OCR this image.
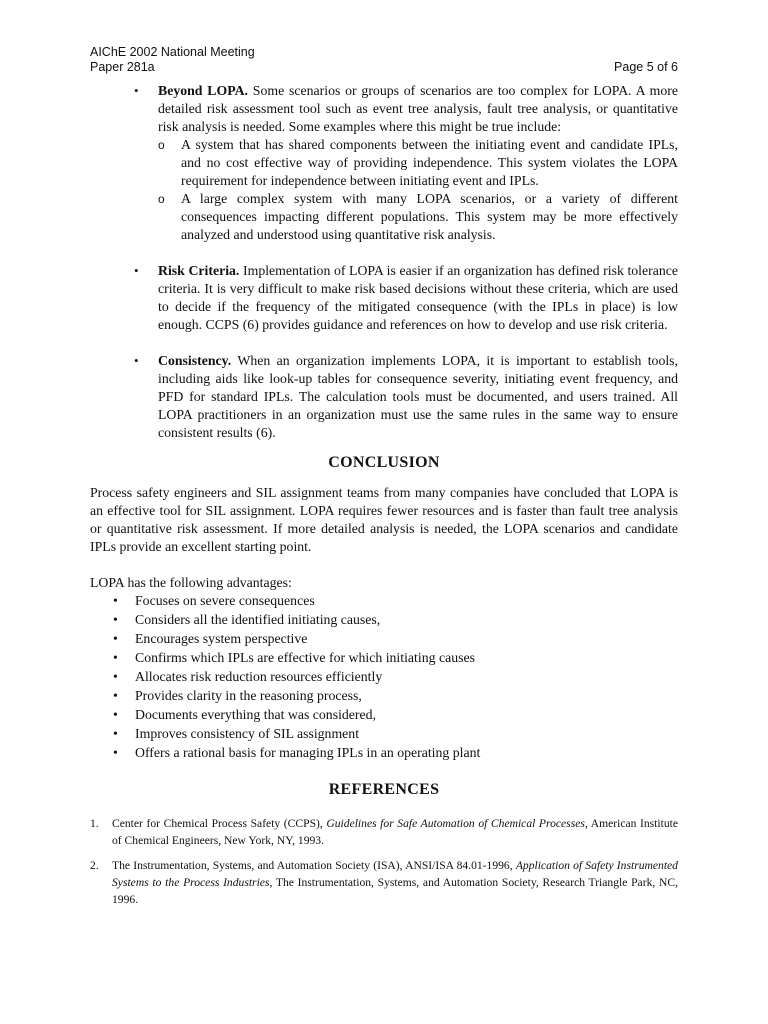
AIChE 2002 National Meeting
Paper 281a	Page 5 of 6
• Beyond LOPA. Some scenarios or groups of scenarios are too complex for LOPA. A more detailed risk assessment tool such as event tree analysis, fault tree analysis, or quantitative risk analysis is needed. Some examples where this might be true include:
o A system that has shared components between the initiating event and candidate IPLs, and no cost effective way of providing independence. This system violates the LOPA requirement for independence between initiating event and IPLs.
o A large complex system with many LOPA scenarios, or a variety of different consequences impacting different populations. This system may be more effectively analyzed and understood using quantitative risk analysis.
• Risk Criteria. Implementation of LOPA is easier if an organization has defined risk tolerance criteria. It is very difficult to make risk based decisions without these criteria, which are used to decide if the frequency of the mitigated consequence (with the IPLs in place) is low enough. CCPS (6) provides guidance and references on how to develop and use risk criteria.
• Consistency. When an organization implements LOPA, it is important to establish tools, including aids like look-up tables for consequence severity, initiating event frequency, and PFD for standard IPLs. The calculation tools must be documented, and users trained. All LOPA practitioners in an organization must use the same rules in the same way to ensure consistent results (6).
CONCLUSION

Process safety engineers and SIL assignment teams from many companies have concluded that LOPA is an effective tool for SIL assignment. LOPA requires fewer resources and is faster than fault tree analysis or quantitative risk assessment. If more detailed analysis is needed, the LOPA scenarios and candidate IPLs provide an excellent starting point.

LOPA has the following advantages:

• Focuses on severe consequences
• Considers all the identified initiating causes,
• Encourages system perspective
• Confirms which IPLs are effective for which initiating causes
• Allocates risk reduction resources efficiently
• Provides clarity in the reasoning process,
• Documents everything that was considered,
• Improves consistency of SIL assignment
• Offers a rational basis for managing IPLs in an operating plant
REFERENCES
1. Center for Chemical Process Safety (CCPS), Guidelines for Safe Automation of Chemical Processes, American Institute of Chemical Engineers, New York, NY, 1993.
2. The Instrumentation, Systems, and Automation Society (ISA), ANSI/ISA 84.01-1996, Application of Safety Instrumented Systems to the Process Industries, The Instrumentation, Systems, and Automation Society, Research Triangle Park, NC, 1996.
